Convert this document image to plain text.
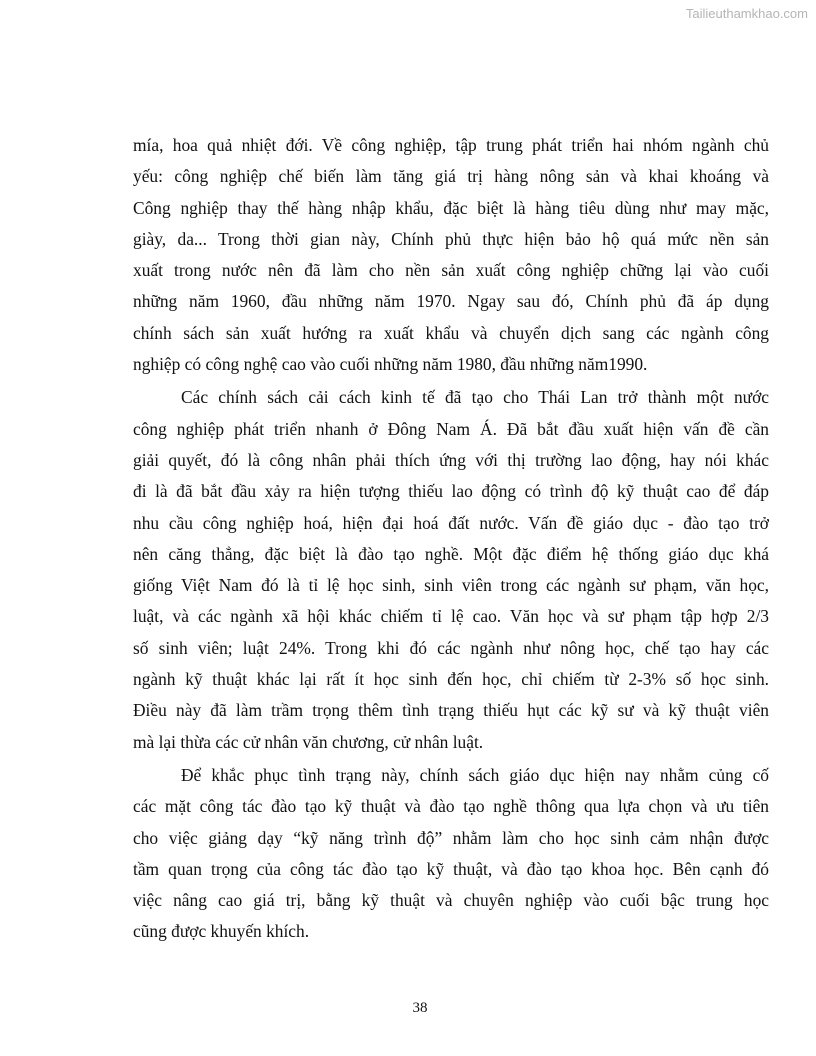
Tailieuthamkhao.com
mía, hoa quả nhiệt đới. Về công nghiệp, tập trung phát triển hai nhóm ngành chủ
yếu: công nghiệp chế biến làm tăng giá trị hàng nông sản và khai khoáng và
Công nghiệp thay thế hàng nhập khẩu, đặc biệt là hàng tiêu dùng như may mặc,
giày, da... Trong thời gian này, Chính phủ thực hiện bảo hộ quá mức nền sản
xuất trong nước nên đã làm cho nền sản xuất công nghiệp chững lại vào cuối
những năm 1960, đầu những năm 1970. Ngay sau đó, Chính phủ đã áp dụng
chính sách sản xuất hướng ra xuất khẩu và chuyển dịch sang các ngành công
nghiệp có công nghệ cao vào cuối những năm 1980, đầu những năm1990.
Các chính sách cải cách kinh tế đã tạo cho Thái Lan trở thành một nước
công nghiệp phát triển nhanh ở Đông Nam Á. Đã bắt đầu xuất hiện vấn đề cần
giải quyết, đó là công nhân phải thích ứng với thị trường lao động, hay nói khác
đi là đã bắt đầu xảy ra hiện tượng thiếu lao động có trình độ kỹ thuật cao để đáp
nhu cầu công nghiệp hoá, hiện đại hoá đất nước. Vấn đề giáo dục - đào tạo trở
nên căng thẳng, đặc biệt là đào tạo nghề. Một đặc điểm hệ thống giáo dục khá
giống Việt Nam đó là tỉ lệ học sinh, sinh viên trong các ngành sư phạm, văn học,
luật, và các ngành xã hội khác chiếm tỉ lệ cao. Văn học và sư phạm tập hợp 2/3
số sinh viên; luật 24%. Trong khi đó các ngành như nông học, chế tạo hay các
ngành kỹ thuật khác lại rất ít học sinh đến học, chỉ chiếm từ 2-3% số học sinh.
Điều này đã làm trầm trọng thêm tình trạng thiếu hụt các kỹ sư và kỹ thuật viên
mà lại thừa các cử nhân văn chương, cử nhân luật.
Để khắc phục tình trạng này, chính sách giáo dục hiện nay nhằm củng cố
các mặt công tác đào tạo kỹ thuật và đào tạo nghề thông qua lựa chọn và ưu tiên
cho việc giảng dạy “kỹ năng trình độ” nhằm làm cho học sinh cảm nhận được
tầm quan trọng của công tác đào tạo kỹ thuật, và đào tạo khoa học. Bên cạnh đó
việc nâng cao giá trị, bằng kỹ thuật và chuyên nghiệp vào cuối bậc trung học
cũng được khuyến khích.
38
